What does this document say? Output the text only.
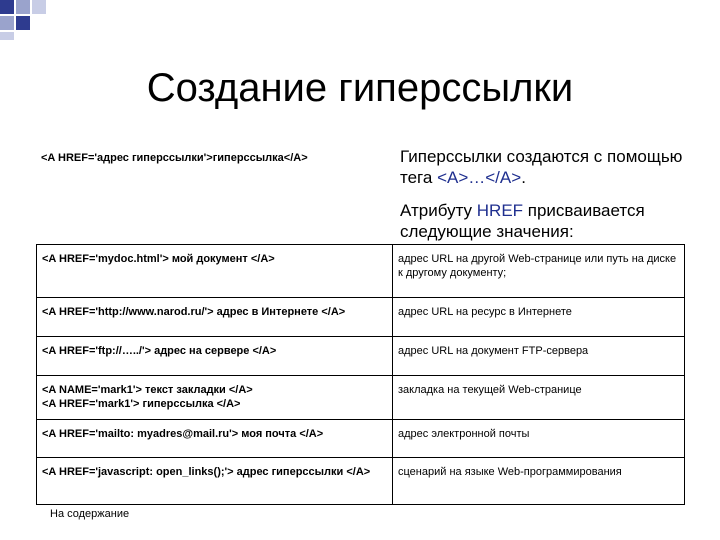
Создание гиперссылки
<A HREF='адрес гиперссылки'>гиперссылка</A>	Гиперссылки создаются с помощью тега <A>…</A>.
Атрибуту HREF присваивается следующие значения:
<A HREF='mydoc.html'> мой документ </A>	адрес URL на другой Web-странице или путь на диске к другому документу;
<A HREF='http://www.narod.ru/'> адрес в Интернете </A>	адрес URL на ресурс в Интернете
<A HREF='ftp://…../'> адрес на сервере </A>	адрес URL на документ FTP-сервера
<A NAME='mark1'> текст закладки </A>
<A HREF='mark1'> гиперссылка </A>	закладка на текущей Web-странице
<A HREF='mailto: myadres@mail.ru'> моя почта </A>	адрес электронной почты
<A HREF='javascript: open_links();'> адрес гиперссылки </A>	сценарий на языке Web-программирования
На содержание
